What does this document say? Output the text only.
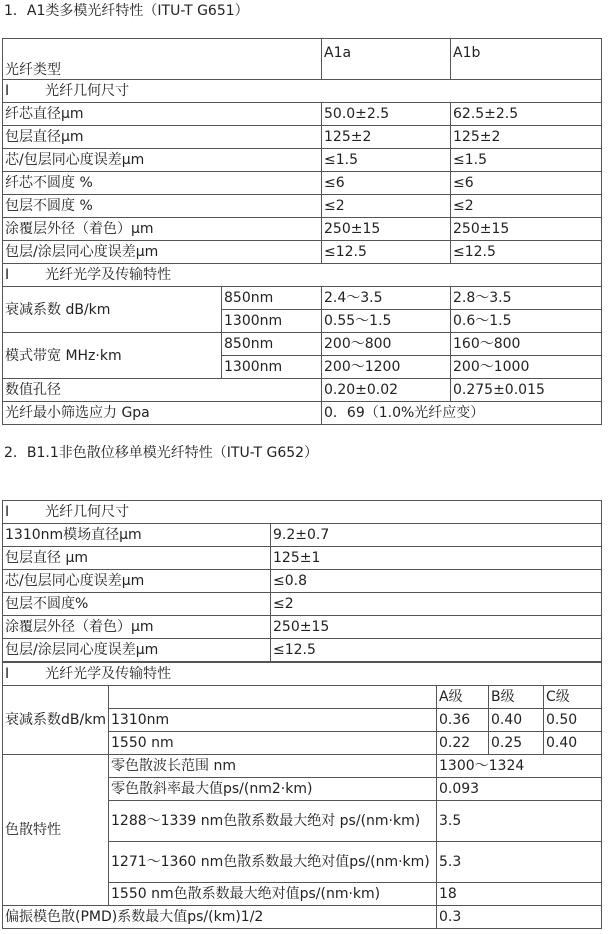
1．A1类多模光纤特性（ITU-T G651）
光纤类型		A1a	A1b
Ⅰ 光纤几何尺寸			
纤芯直径μm		50.0±2.5	62.5±2.5
包层直径μm		125±2	125±2
芯/包层同心度误差μm		≤1.5	≤1.5
纤芯不圆度 %		≤6	≤6
包层不圆度 %		≤2	≤2
涂覆层外径（着色）μm		250±15	250±15
包层/涂层同心度误差μm		≤12.5	≤12.5
Ⅰ 光纤光学及传输特性			
衰减系数 dB/km	850nm	2.4～3.5	2.8～3.5
	1300nm	0.55～1.5	0.6～1.5
模式带宽 MHz·km	850nm	200～800	160～800
	1300nm	200～1200	200～1000
数值孔径		0.20±0.02	0.275±0.015
光纤最小筛选应力 Gpa		0．69（1.0%光纤应变）	
2．B1.1非色散位移单模光纤特性（ITU-T G652）
Ⅰ 光纤几何尺寸	
1310nm模场直径μm	9.2±0.7
包层直径 μm	125±1
芯/包层同心度误差μm	≤0.8
包层不圆度%	≤2
涂覆层外径（着色）μm	250±15
包层/涂层同心度误差μm	≤12.5
Ⅰ 光纤光学及传输特性				
衰减系数dB/km		A级	B级	C级
	1310nm	0.36	0.40	0.50
	1550 nm	0.22	0.25	0.40
色散特性	零色散波长范围 nm	1300～1324		
	零色散斜率最大值ps/(nm2·km)	0.093		
	1288～1339 nm色散系数最大绝对 ps/(nm·km)	3.5		
	1271～1360 nm色散系数最大绝对值ps/(nm·km)	5.3		
	1550 nm色散系数最大绝对值ps/(nm·km)	18		
偏振模色散(PMD)系数最大值ps/(km)1/2		0.3		
